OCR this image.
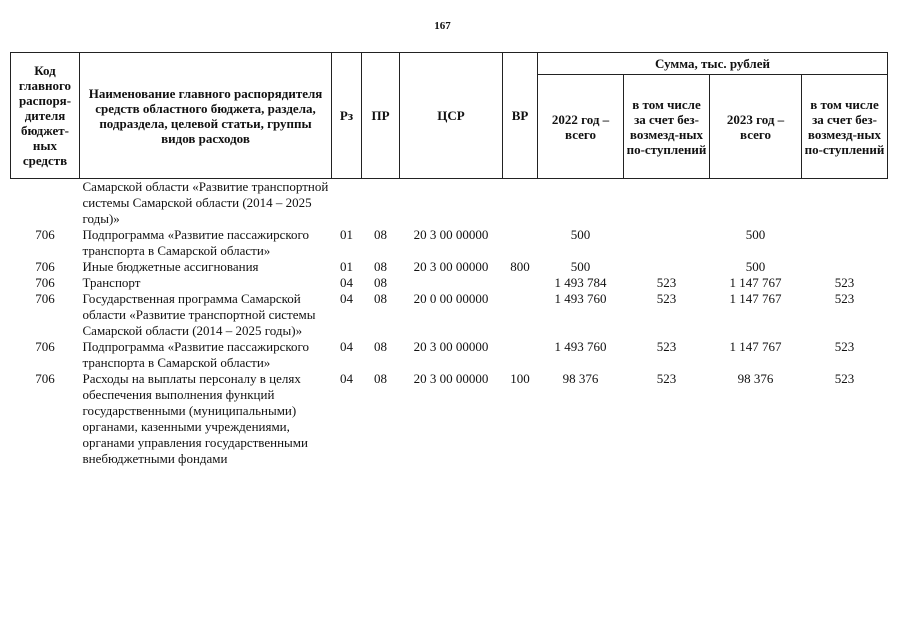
167
Код главного распоря-дителя бюджет-ных средств	Наименование главного распорядителя средств областного бюджета, раздела, подраздела, целевой статьи, группы видов расходов	Рз	ПР	ЦСР	ВР	Сумма, тыс. рублей			
						2022 год – всего	в том числе за счет без-возмезд-ных по-ступлений	2023 год – всего	в том числе за счет без-возмезд-ных по-ступлений
	Самарской области «Развитие транспортной системы Самарской области (2014 – 2025 годы)»								
706	Подпрограмма «Развитие пассажирского транспорта в Самарской области»	01	08	20 3 00 00000		500		500	
706	Иные бюджетные ассигнования	01	08	20 3 00 00000	800	500		500	
706	Транспорт	04	08			1 493 784	523	1 147 767	523
706	Государственная программа Самарской области «Развитие транспортной системы Самарской области (2014 – 2025 годы)»	04	08	20 0 00 00000		1 493 760	523	1 147 767	523
706	Подпрограмма «Развитие пассажирского транспорта в Самарской области»	04	08	20 3 00 00000		1 493 760	523	1 147 767	523
706	Расходы на выплаты персоналу в целях обеспечения выполнения функций государственными (муниципальными) органами, казенными учреждениями, органами управления государственными внебюджетными фондами	04	08	20 3 00 00000	100	98 376	523	98 376	523
